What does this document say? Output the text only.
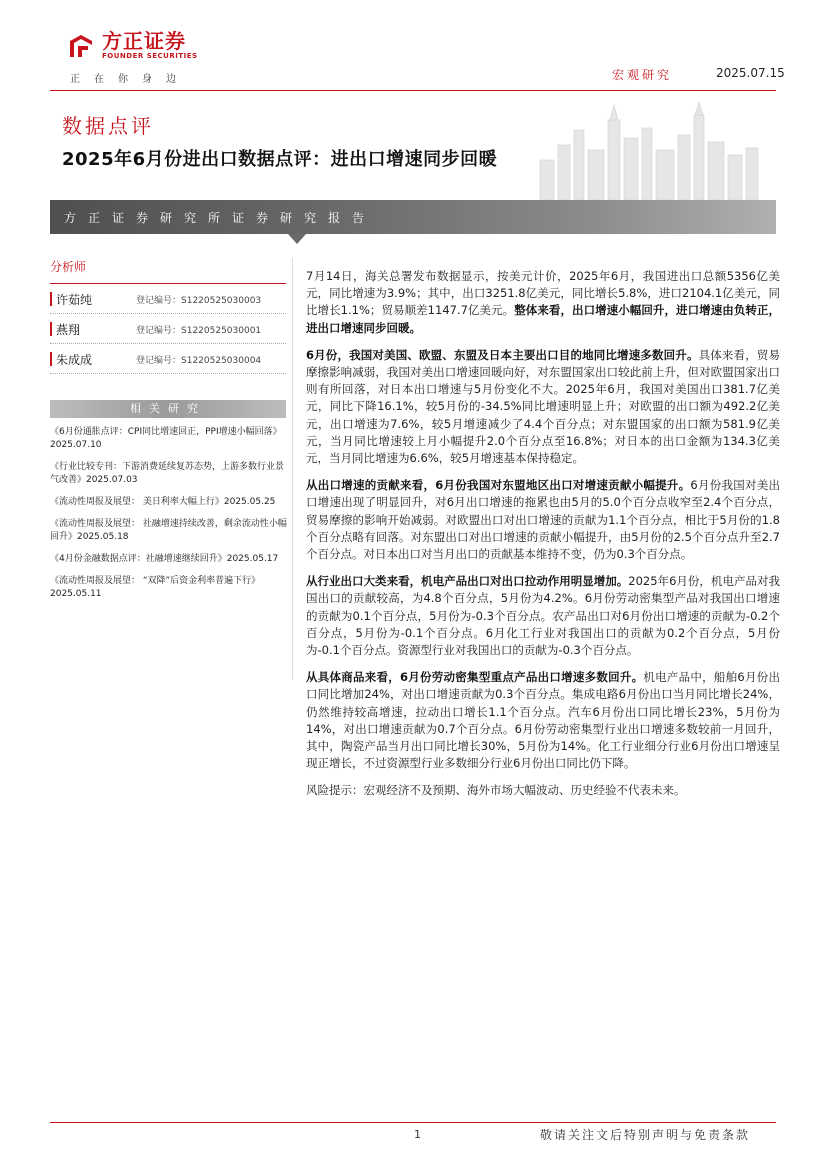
方正证券
FOUNDER SECURITIES
正在你身边	宏观研究	2025.07.15
数据点评
2025年6月份进出口数据点评：进出口增速同步回暖
方正证券研究所证券研究报告
分析师
许茹纯	登记编号：S1220525030003
燕翔	登记编号：S1220525030001
朱成成	登记编号：S1220525030004
相关研究
《6月份通胀点评：CPI同比增速回正，PPI增速小幅回落》2025.07.10
《行业比较专刊：下游消费延续复苏态势，上游多数行业景气改善》2025.07.03
《流动性周报及展望： 美日利率大幅上行》2025.05.25
《流动性周报及展望： 社融增速持续改善，剩余流动性小幅回升》2025.05.18
《4月份金融数据点评：社融增速继续回升》2025.05.17
《流动性周报及展望： “双降”后资金利率普遍下行》2025.05.11

7月14日，海关总署发布数据显示，按美元计价，2025年6月，我国进出口总额5356亿美元，同比增速为3.9%；其中，出口3251.8亿美元，同比增长5.8%，进口2104.1亿美元，同比增长1.1%；贸易顺差1147.7亿美元。整体来看，出口增速小幅回升，进口增速由负转正，进出口增速同步回暖。

6月份，我国对美国、欧盟、东盟及日本主要出口目的地同比增速多数回升。具体来看，贸易摩擦影响减弱，我国对美出口增速回暖向好，对东盟国家出口较此前上升，但对欧盟国家出口则有所回落，对日本出口增速与5月份变化不大。2025年6月，我国对美国出口381.7亿美元，同比下降16.1%，较5月份的-34.5%同比增速明显上升；对欧盟的出口额为492.2亿美元，出口增速为7.6%，较5月增速减少了4.4个百分点；对东盟国家的出口额为581.9亿美元，当月同比增速较上月小幅提升2.0个百分点至16.8%；对日本的出口金额为134.3亿美元，当月同比增速为6.6%，较5月增速基本保持稳定。

从出口增速的贡献来看，6月份我国对东盟地区出口对增速贡献小幅提升。6月份我国对美出口增速出现了明显回升，对6月出口增速的拖累也由5月的5.0个百分点收窄至2.4个百分点，贸易摩擦的影响开始减弱。对欧盟出口对出口增速的贡献为1.1个百分点，相比于5月份的1.8个百分点略有回落。对东盟出口对出口增速的贡献小幅提升，由5月份的2.5个百分点升至2.7个百分点。对日本出口对当月出口的贡献基本维持不变，仍为0.3个百分点。

从行业出口大类来看，机电产品出口对出口拉动作用明显增加。2025年6月份，机电产品对我国出口的贡献较高，为4.8个百分点，5月份为4.2%。6月份劳动密集型产品对我国出口增速的贡献为0.1个百分点，5月份为-0.3个百分点。农产品出口对6月份出口增速的贡献为-0.2个百分点，5月份为-0.1个百分点。6月化工行业对我国出口的贡献为0.2个百分点，5月份为-0.1个百分点。资源型行业对我国出口的贡献为-0.3个百分点。

从具体商品来看，6月份劳动密集型重点产品出口增速多数回升。机电产品中，船舶6月份出口同比增加24%，对出口增速贡献为0.3个百分点。集成电路6月份出口当月同比增长24%，仍然维持较高增速，拉动出口增长1.1个百分点。汽车6月份出口同比增长23%，5月份为14%，对出口增速贡献为0.7个百分点。6月份劳动密集型行业出口增速多数较前一月回升，其中，陶瓷产品当月出口同比增长30%，5月份为14%。化工行业细分行业6月份出口增速呈现正增长，不过资源型行业多数细分行业6月份出口同比仍下降。

风险提示：宏观经济不及预期、海外市场大幅波动、历史经验不代表未来。

1	敬请关注文后特别声明与免责条款
